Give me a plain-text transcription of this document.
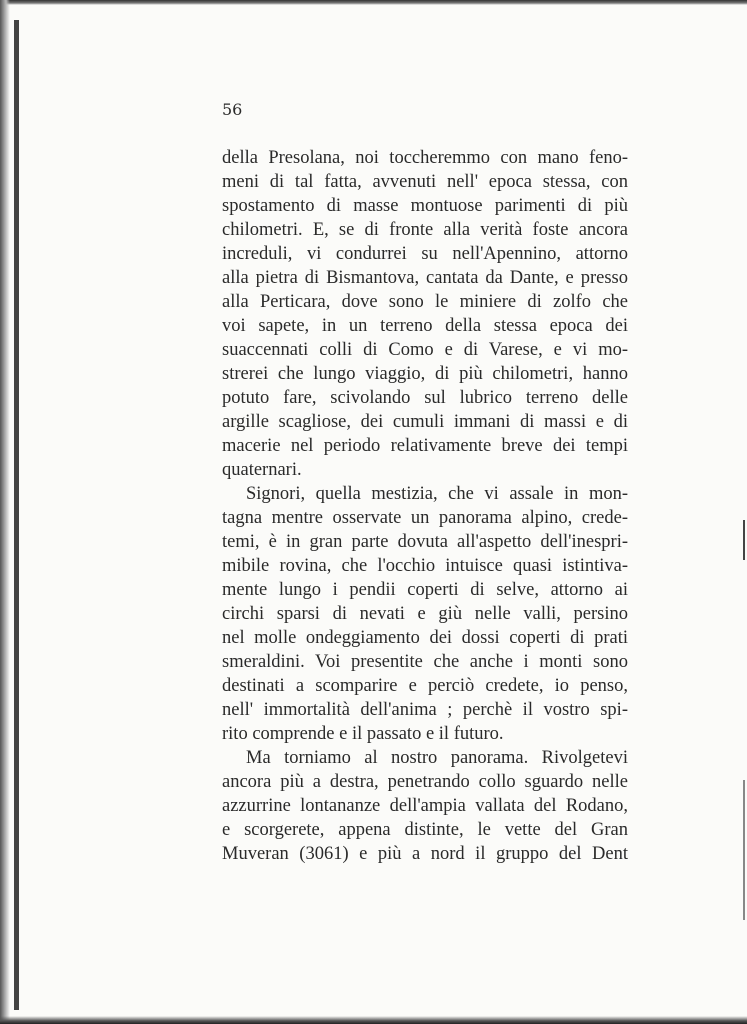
56
della Presolana, noi toccheremmo con mano feno-
meni di tal fatta, avvenuti nell' epoca stessa, con
spostamento di masse montuose parimenti di più
chilometri. E, se di fronte alla verità foste ancora
increduli, vi condurrei su nell'Apennino, attorno
alla pietra di Bismantova, cantata da Dante, e presso
alla Perticara, dove sono le miniere di zolfo che
voi sapete, in un terreno della stessa epoca dei
suaccennati colli di Como e di Varese, e vi mo-
strerei che lungo viaggio, di più chilometri, hanno
potuto fare, scivolando sul lubrico terreno delle
argille scagliose, dei cumuli immani di massi e di
macerie nel periodo relativamente breve dei tempi
quaternari.
Signori, quella mestizia, che vi assale in mon-
tagna mentre osservate un panorama alpino, crede-
temi, è in gran parte dovuta all'aspetto dell'inespri-
mibile rovina, che l'occhio intuisce quasi istintiva-
mente lungo i pendii coperti di selve, attorno ai
circhi sparsi di nevati e giù nelle valli, persino
nel molle ondeggiamento dei dossi coperti di prati
smeraldini. Voi presentite che anche i monti sono
destinati a scomparire e perciò credete, io penso,
nell' immortalità dell'anima ; perchè il vostro spi-
rito comprende e il passato e il futuro.
Ma torniamo al nostro panorama. Rivolgetevi
ancora più a destra, penetrando collo sguardo nelle
azzurrine lontananze dell'ampia vallata del Rodano,
e scorgerete, appena distinte, le vette del Gran
Muveran (3061) e più a nord il gruppo del Dent
